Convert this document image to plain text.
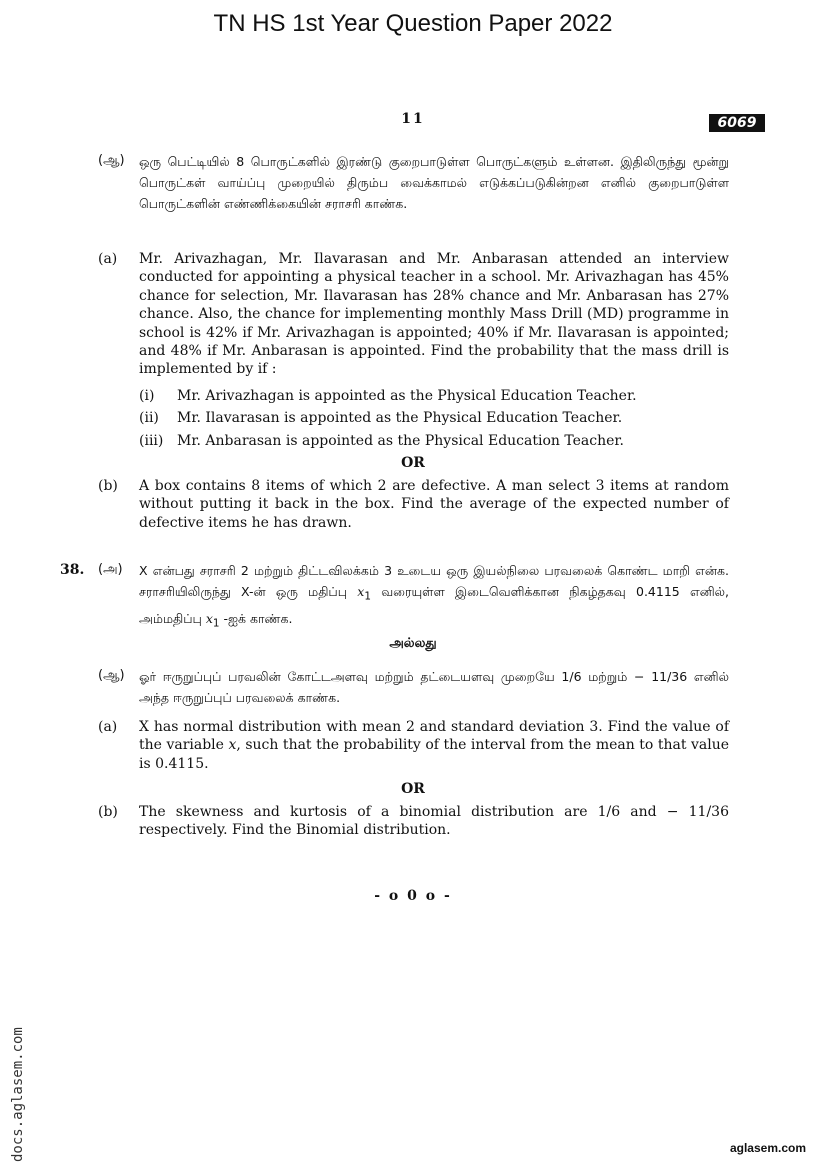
TN HS 1st Year Question Paper 2022
11	6069
(ஆ) ஒரு பெட்டியில் 8 பொருட்களில் இரண்டு குறைபாடுள்ள பொருட்களும் உள்ளன. இதிலிருந்து மூன்று பொருட்கள் வாய்ப்பு முறையில் திரும்ப வைக்காமல் எடுக்கப்படுகின்றன எனில் குறைபாடுள்ள பொருட்களின் எண்ணிக்கையின் சராசரி காண்க.
(a) Mr. Arivazhagan, Mr. Ilavarasan and Mr. Anbarasan attended an interview conducted for appointing a physical teacher in a school. Mr. Arivazhagan has 45% chance for selection, Mr. Ilavarasan has 28% chance and Mr. Anbarasan has 27% chance. Also, the chance for implementing monthly Mass Drill (MD) programme in school is 42% if Mr. Arivazhagan is appointed; 40% if Mr. Ilavarasan is appointed; and 48% if Mr. Anbarasan is appointed. Find the probability that the mass drill is implemented by if :
(i) Mr. Arivazhagan is appointed as the Physical Education Teacher.
(ii) Mr. Ilavarasan is appointed as the Physical Education Teacher.
(iii) Mr. Anbarasan is appointed as the Physical Education Teacher.
OR
(b) A box contains 8 items of which 2 are defective. A man select 3 items at random without putting it back in the box. Find the average of the expected number of defective items he has drawn.
38. (அ) X என்பது சராசரி 2 மற்றும் திட்டவிலக்கம் 3 உடைய ஒரு இயல்நிலை பரவலைக் கொண்ட மாறி என்க. சராசரியிலிருந்து X-ன் ஒரு மதிப்பு $x_1$ வரையுள்ள இடைவெளிக்கான நிகழ்தகவு 0.4115 எனில், அம்மதிப்பு $x_1$ -ஐக் காண்க.
அல்லது
(ஆ) ஓர் ஈருறுப்புப் பரவலின் கோட்டஅளவு மற்றும் தட்டையளவு முறையே 1/6 மற்றும் − 11/36 எனில் அந்த ஈருறுப்புப் பரவலைக் காண்க.
(a) X has normal distribution with mean 2 and standard deviation 3. Find the value of the variable x, such that the probability of the interval from the mean to that value is 0.4115.
OR
(b) The skewness and kurtosis of a binomial distribution are 1/6 and − 11/36 respectively. Find the Binomial distribution.
- o 0 o -
docs.aglasem.com	aglasem.com
